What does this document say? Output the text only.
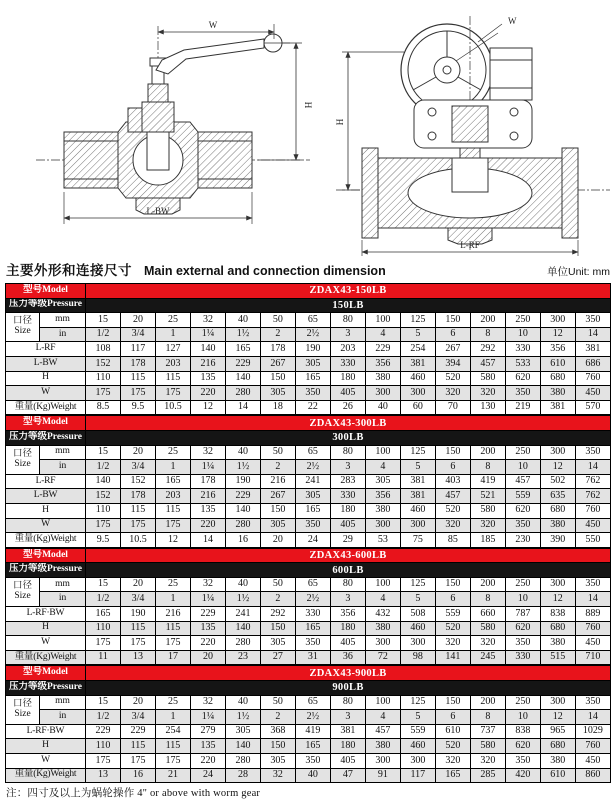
W
H
L-BW
W
H
L-RF
主要外形和连接尺寸 Main external and connection dimension	单位Unit: mm
型号Model		ZDAX43-150LB														
压力等级Pressure		150LB														

口径
Size	mm	15	20	25	32	40	50	65	80	100	125	150	200	250	300	350
	in	1/2	3/4	1	1¼	1½	2	2½	3	4	5	6	8	10	12	14
L-RF		108	117	127	140	165	178	190	203	229	254	267	292	330	356	381
L-BW		152	178	203	216	229	267	305	330	356	381	394	457	533	610	686
H		110	115	115	135	140	150	165	180	380	460	520	580	620	680	760
W		175	175	175	220	280	305	350	405	300	300	320	320	350	380	450
重量(Kg)Weight		8.5	9.5	10.5	12	14	18	22	26	40	60	70	130	219	381	570
型号Model		ZDAX43-300LB														
压力等级Pressure		300LB														

口径
Size	mm	15	20	25	32	40	50	65	80	100	125	150	200	250	300	350
	in	1/2	3/4	1	1¼	1½	2	2½	3	4	5	6	8	10	12	14
L-RF		140	152	165	178	190	216	241	283	305	381	403	419	457	502	762
L-BW		152	178	203	216	229	267	305	330	356	381	457	521	559	635	762
H		110	115	115	135	140	150	165	180	380	460	520	580	620	680	760
W		175	175	175	220	280	305	350	405	300	300	320	320	350	380	450
重量(Kg)Weight		9.5	10.5	12	14	16	20	24	29	53	75	85	185	230	390	550
型号Model		ZDAX43-600LB														
压力等级Pressure		600LB														

口径
Size	mm	15	20	25	32	40	50	65	80	100	125	150	200	250	300	350
	in	1/2	3/4	1	1¼	1½	2	2½	3	4	5	6	8	10	12	14
L-RF·BW		165	190	216	229	241	292	330	356	432	508	559	660	787	838	889
H		110	115	115	135	140	150	165	180	380	460	520	580	620	680	760
W		175	175	175	220	280	305	350	405	300	300	320	320	350	380	450
重量(Kg)Weight		11	13	17	20	23	27	31	36	72	98	141	245	330	515	710
型号Model		ZDAX43-900LB														
压力等级Pressure		900LB														

口径
Size	mm	15	20	25	32	40	50	65	80	100	125	150	200	250	300	350
	in	1/2	3/4	1	1¼	1½	2	2½	3	4	5	6	8	10	12	14
L-RF·BW		229	229	254	279	305	368	419	381	457	559	610	737	838	965	1029
H		110	115	115	135	140	150	165	180	380	460	520	580	620	680	760
W		175	175	175	220	280	305	350	405	300	300	320	320	350	380	450
重量(Kg)Weight		13	16	21	24	28	32	40	47	91	117	165	285	420	610	860
注：四寸及以上为蜗轮操作 4" or above with worm gear
